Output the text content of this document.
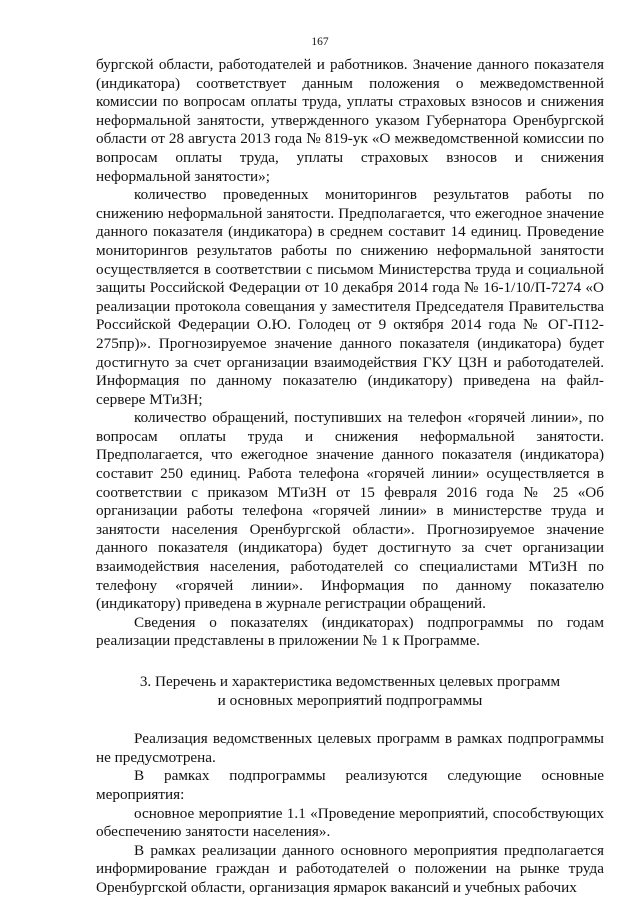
167

бургской области, работодателей и работников. Значение данного показателя (индикатора) соответствует данным положения о межведомственной комиссии по вопросам оплаты труда, уплаты страховых взносов и снижения неформальной занятости, утвержденного указом Губернатора Оренбургской области от 28 августа 2013 года № 819-ук «О межведомственной комиссии по вопросам оплаты труда, уплаты страховых взносов и снижения неформальной занятости»;

количество проведенных мониторингов результатов работы по снижению неформальной занятости. Предполагается, что ежегодное значение данного показателя (индикатора) в среднем составит 14 единиц. Проведение мониторингов результатов работы по снижению неформальной занятости осуществляется в соответствии с письмом Министерства труда и социальной защиты Российской Федерации от 10 декабря 2014 года № 16-1/10/П-7274 «О реализации протокола совещания у заместителя Председателя Правительства Российской Федерации О.Ю. Голодец от 9 октября 2014 года № ОГ-П12-275пр)». Прогнозируемое значение данного показателя (индикатора) будет достигнуто за счет организации взаимодействия ГКУ ЦЗН и работодателей. Информация по данному показателю (индикатору) приведена на файл-сервере МТиЗН;

количество обращений, поступивших на телефон «горячей линии», по вопросам оплаты труда и снижения неформальной занятости. Предполагается, что ежегодное значение данного показателя (индикатора) составит 250 единиц. Работа телефона «горячей линии» осуществляется в соответствии с приказом МТиЗН от 15 февраля 2016 года № 25 «Об организации работы телефона «горячей линии» в министерстве труда и занятости населения Оренбургской области». Прогнозируемое значение данного показателя (индикатора) будет достигнуто за счет организации взаимодействия населения, работодателей со специалистами МТиЗН по телефону «горячей линии». Информация по данному показателю (индикатору) приведена в журнале регистрации обращений.

Сведения о показателях (индикаторах) подпрограммы по годам реализации представлены в приложении № 1 к Программе.

3. Перечень и характеристика ведомственных целевых программ
и основных мероприятий подпрограммы

Реализация ведомственных целевых программ в рамках подпрограммы не предусмотрена.

В рамках подпрограммы реализуются следующие основные мероприятия:

основное мероприятие 1.1 «Проведение мероприятий, способствующих обеспечению занятости населения».

В рамках реализации данного основного мероприятия предполагается информирование граждан и работодателей о положении на рынке труда Оренбургской области, организация ярмарок вакансий и учебных рабочих
